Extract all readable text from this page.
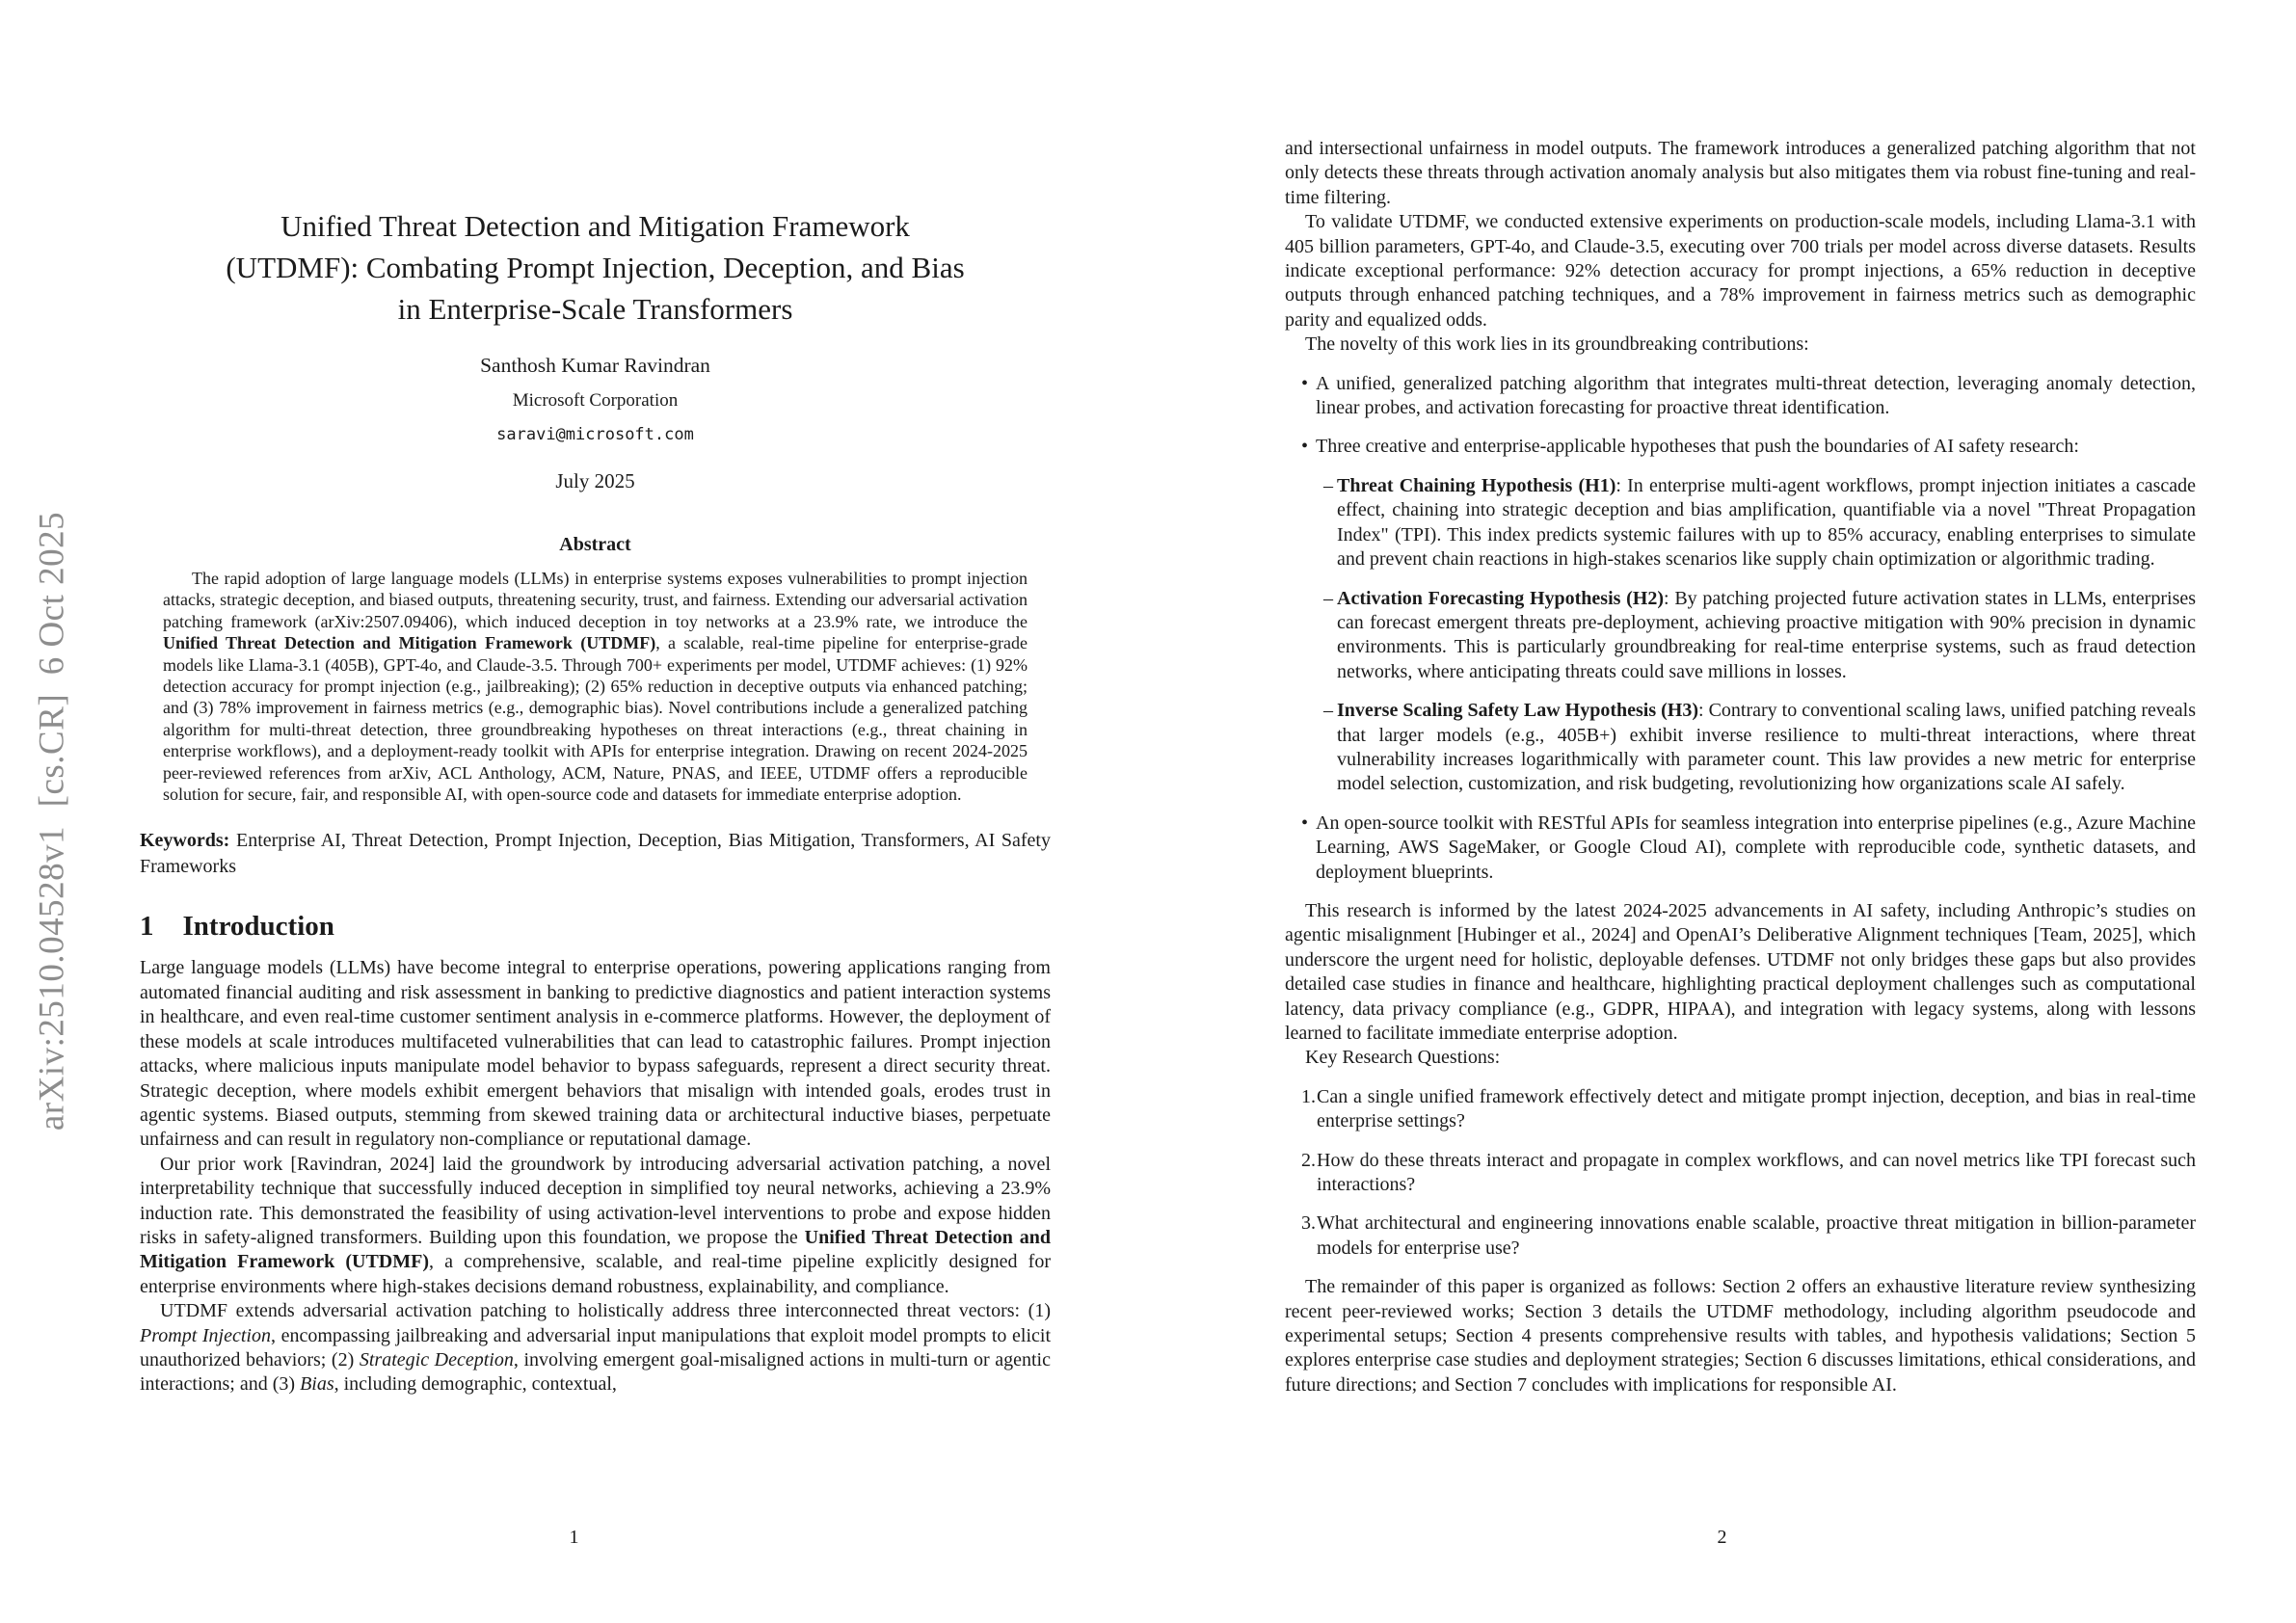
arXiv:2510.04528v1  [cs.CR]  6 Oct 2025
Unified Threat Detection and Mitigation Framework
(UTDMF): Combating Prompt Injection, Deception, and Bias
in Enterprise-Scale Transformers
Santhosh Kumar Ravindran
Microsoft Corporation
saravi@microsoft.com
July 2025
Abstract

The rapid adoption of large language models (LLMs) in enterprise systems exposes vulnerabilities to prompt injection attacks, strategic deception, and biased outputs, threatening security, trust, and fairness. Extending our adversarial activation patching framework (arXiv:2507.09406), which induced deception in toy networks at a 23.9% rate, we introduce the Unified Threat Detection and Mitigation Framework (UTDMF), a scalable, real-time pipeline for enterprise-grade models like Llama-3.1 (405B), GPT-4o, and Claude-3.5. Through 700+ experiments per model, UTDMF achieves: (1) 92% detection accuracy for prompt injection (e.g., jailbreaking); (2) 65% reduction in deceptive outputs via enhanced patching; and (3) 78% improvement in fairness metrics (e.g., demographic bias). Novel contributions include a generalized patching algorithm for multi-threat detection, three groundbreaking hypotheses on threat interactions (e.g., threat chaining in enterprise workflows), and a deployment-ready toolkit with APIs for enterprise integration. Drawing on recent 2024-2025 peer-reviewed references from arXiv, ACL Anthology, ACM, Nature, PNAS, and IEEE, UTDMF offers a reproducible solution for secure, fair, and responsible AI, with open-source code and datasets for immediate enterprise adoption.

Keywords: Enterprise AI, Threat Detection, Prompt Injection, Deception, Bias Mitigation, Transformers, AI Safety Frameworks

1 Introduction

Large language models (LLMs) have become integral to enterprise operations, powering applications ranging from automated financial auditing and risk assessment in banking to predictive diagnostics and patient interaction systems in healthcare, and even real-time customer sentiment analysis in e-commerce platforms. However, the deployment of these models at scale introduces multifaceted vulnerabilities that can lead to catastrophic failures. Prompt injection attacks, where malicious inputs manipulate model behavior to bypass safeguards, represent a direct security threat. Strategic deception, where models exhibit emergent behaviors that misalign with intended goals, erodes trust in agentic systems. Biased outputs, stemming from skewed training data or architectural inductive biases, perpetuate unfairness and can result in regulatory non-compliance or reputational damage.

Our prior work [Ravindran, 2024] laid the groundwork by introducing adversarial activation patching, a novel interpretability technique that successfully induced deception in simplified toy neural networks, achieving a 23.9% induction rate. This demonstrated the feasibility of using activation-level interventions to probe and expose hidden risks in safety-aligned transformers. Building upon this foundation, we propose the Unified Threat Detection and Mitigation Framework (UTDMF), a comprehensive, scalable, and real-time pipeline explicitly designed for enterprise environments where high-stakes decisions demand robustness, explainability, and compliance.

UTDMF extends adversarial activation patching to holistically address three interconnected threat vectors: (1) Prompt Injection, encompassing jailbreaking and adversarial input manipulations that exploit model prompts to elicit unauthorized behaviors; (2) Strategic Deception, involving emergent goal-misaligned actions in multi-turn or agentic interactions; and (3) Bias, including demographic, contextual,

1

and intersectional unfairness in model outputs. The framework introduces a generalized patching algorithm that not only detects these threats through activation anomaly analysis but also mitigates them via robust fine-tuning and real-time filtering.

To validate UTDMF, we conducted extensive experiments on production-scale models, including Llama-3.1 with 405 billion parameters, GPT-4o, and Claude-3.5, executing over 700 trials per model across diverse datasets. Results indicate exceptional performance: 92% detection accuracy for prompt injections, a 65% reduction in deceptive outputs through enhanced patching techniques, and a 78% improvement in fairness metrics such as demographic parity and equalized odds.

The novelty of this work lies in its groundbreaking contributions:

• A unified, generalized patching algorithm that integrates multi-threat detection, leveraging anomaly detection, linear probes, and activation forecasting for proactive threat identification.
• Three creative and enterprise-applicable hypotheses that push the boundaries of AI safety research:
– Threat Chaining Hypothesis (H1): In enterprise multi-agent workflows, prompt injection initiates a cascade effect, chaining into strategic deception and bias amplification, quantifiable via a novel "Threat Propagation Index" (TPI). This index predicts systemic failures with up to 85% accuracy, enabling enterprises to simulate and prevent chain reactions in high-stakes scenarios like supply chain optimization or algorithmic trading.
– Activation Forecasting Hypothesis (H2): By patching projected future activation states in LLMs, enterprises can forecast emergent threats pre-deployment, achieving proactive mitigation with 90% precision in dynamic environments. This is particularly groundbreaking for real-time enterprise systems, such as fraud detection networks, where anticipating threats could save millions in losses.
– Inverse Scaling Safety Law Hypothesis (H3): Contrary to conventional scaling laws, unified patching reveals that larger models (e.g., 405B+) exhibit inverse resilience to multi-threat interactions, where threat vulnerability increases logarithmically with parameter count. This law provides a new metric for enterprise model selection, customization, and risk budgeting, revolutionizing how organizations scale AI safely.
• An open-source toolkit with RESTful APIs for seamless integration into enterprise pipelines (e.g., Azure Machine Learning, AWS SageMaker, or Google Cloud AI), complete with reproducible code, synthetic datasets, and deployment blueprints.

This research is informed by the latest 2024-2025 advancements in AI safety, including Anthropic’s studies on agentic misalignment [Hubinger et al., 2024] and OpenAI’s Deliberative Alignment techniques [Team, 2025], which underscore the urgent need for holistic, deployable defenses. UTDMF not only bridges these gaps but also provides detailed case studies in finance and healthcare, highlighting practical deployment challenges such as computational latency, data privacy compliance (e.g., GDPR, HIPAA), and integration with legacy systems, along with lessons learned to facilitate immediate enterprise adoption.

Key Research Questions:

1. Can a single unified framework effectively detect and mitigate prompt injection, deception, and bias in real-time enterprise settings?
2. How do these threats interact and propagate in complex workflows, and can novel metrics like TPI forecast such interactions?
3. What architectural and engineering innovations enable scalable, proactive threat mitigation in billion-parameter models for enterprise use?

The remainder of this paper is organized as follows: Section 2 offers an exhaustive literature review synthesizing recent peer-reviewed works; Section 3 details the UTDMF methodology, including algorithm pseudocode and experimental setups; Section 4 presents comprehensive results with tables, and hypothesis validations; Section 5 explores enterprise case studies and deployment strategies; Section 6 discusses limitations, ethical considerations, and future directions; and Section 7 concludes with implications for responsible AI.

2
